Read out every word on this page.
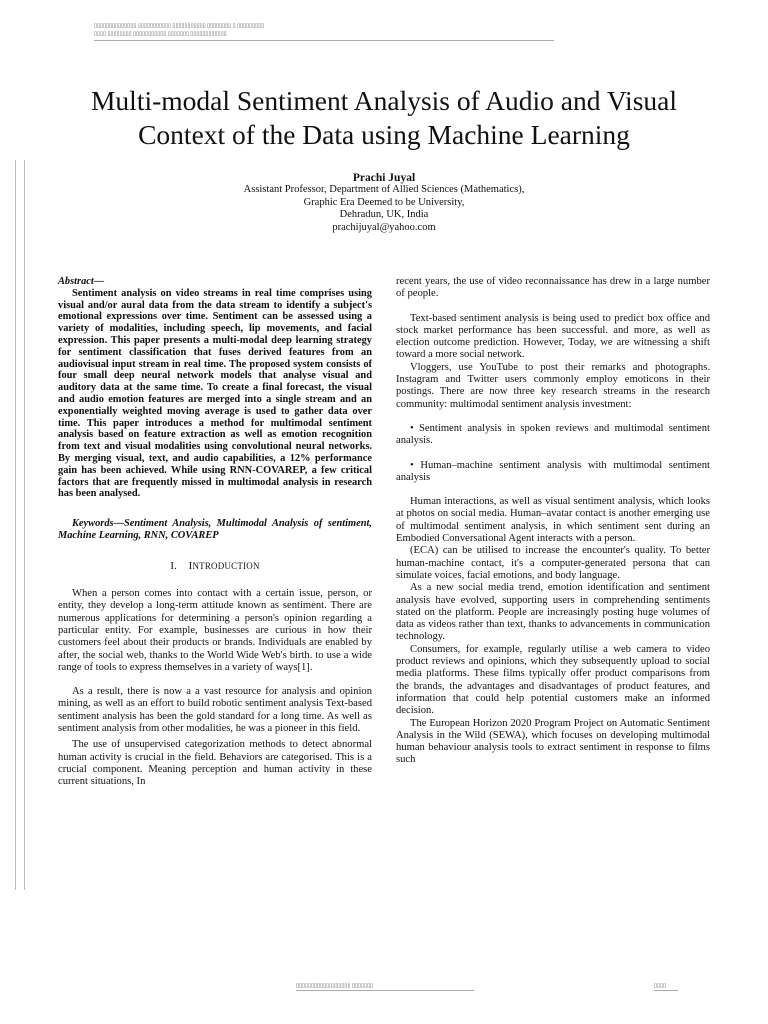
▯▯▯▯▯▯▯▯▯▯▯▯▯▯ ▯▯▯▯▯▯▯▯▯▯▯ ▯▯▯▯▯▯▯▯▯▯▯ ▯▯▯▯▯▯▯▯ ▯ ▯▯▯▯▯▯▯▯▯
▯▯▯▯ ▯▯▯▯▯▯▯▯ ▯▯▯▯▯▯▯▯▯▯▯ ▯▯▯▯▯▯▯ ▯▯▯▯▯▯▯▯▯▯▯▯
Multi-modal Sentiment Analysis of Audio and Visual Context of the Data using Machine Learning
Prachi Juyal
Assistant Professor, Department of Allied Sciences (Mathematics),
Graphic Era Deemed to be University,
Dehradun, UK, India
prachijuyal@yahoo.com
Abstract—
Sentiment analysis on video streams in real time comprises using visual and/or aural data from the data stream to identify a subject's emotional expressions over time. Sentiment can be assessed using a variety of modalities, including speech, lip movements, and facial expression. This paper presents a multi-modal deep learning strategy for sentiment classification that fuses derived features from an audiovisual input stream in real time. The proposed system consists of four small deep neural network models that analyse visual and auditory data at the same time. To create a final forecast, the visual and audio emotion features are merged into a single stream and an exponentially weighted moving average is used to gather data over time. This paper introduces a method for multimodal sentiment analysis based on feature extraction as well as emotion recognition from text and visual modalities using convolutional neural networks. By merging visual, text, and audio capabilities, a 12% performance gain has been achieved. While using RNN-COVAREP, a few critical factors that are frequently missed in multimodal analysis in research has been analysed.

Keywords—Sentiment Analysis, Multimodal Analysis of sentiment, Machine Learning, RNN, COVAREP

I. INTRODUCTION

When a person comes into contact with a certain issue, person, or entity, they develop a long-term attitude known as sentiment. There are numerous applications for determining a person's opinion regarding a particular entity. For example, businesses are curious in how their customers feel about their products or brands. Individuals are enabled by after, the social web, thanks to the World Wide Web's birth. to use a wide range of tools to express themselves in a variety of ways[1].

As a result, there is now a a vast resource for analysis and opinion mining, as well as an effort to build robotic sentiment analysis Text-based sentiment analysis has been the gold standard for a long time. As well as sentiment analysis from other modalities, he was a pioneer in this field.

The use of unsupervised categorization methods to detect abnormal human activity is crucial in the field. Behaviors are categorised. This is a crucial component. Meaning perception and human activity in these current situations, In

recent years, the use of video reconnaissance has drew in a large number of people.

Text-based sentiment analysis is being used to predict box office and stock market performance has been successful. and more, as well as election outcome prediction. However, Today, we are witnessing a shift toward a more social network.

Vloggers, use YouTube to post their remarks and photographs. Instagram and Twitter users commonly employ emoticons in their postings. There are now three key research streams in the research community: multimodal sentiment analysis investment:

• Sentiment analysis in spoken reviews and multimodal sentiment analysis.

• Human–machine sentiment analysis with multimodal sentiment analysis

Human interactions, as well as visual sentiment analysis, which looks at photos on social media. Human–avatar contact is another emerging use of multimodal sentiment analysis, in which sentiment sent during an Embodied Conversational Agent interacts with a person.

(ECA) can be utilised to increase the encounter's quality. To better human-machine contact, it's a computer-generated persona that can simulate voices, facial emotions, and body language.

As a new social media trend, emotion identification and sentiment analysis have evolved, supporting users in comprehending sentiments stated on the platform. People are increasingly posting huge volumes of data as videos rather than text, thanks to advancements in communication technology.

Consumers, for example, regularly utilise a web camera to video product reviews and opinions, which they subsequently upload to social media platforms. These films typically offer product comparisons from the brands, the advantages and disadvantages of product features, and information that could help potential customers make an informed decision.

The European Horizon 2020 Program Project on Automatic Sentiment Analysis in the Wild (SEWA), which focuses on developing multimodal human behaviour analysis tools to extract sentiment in response to films such

▯▯▯▯▯▯▯▯▯▯▯▯▯▯▯▯▯▯ ▯▯▯▯▯▯▯	▯▯▯▯
